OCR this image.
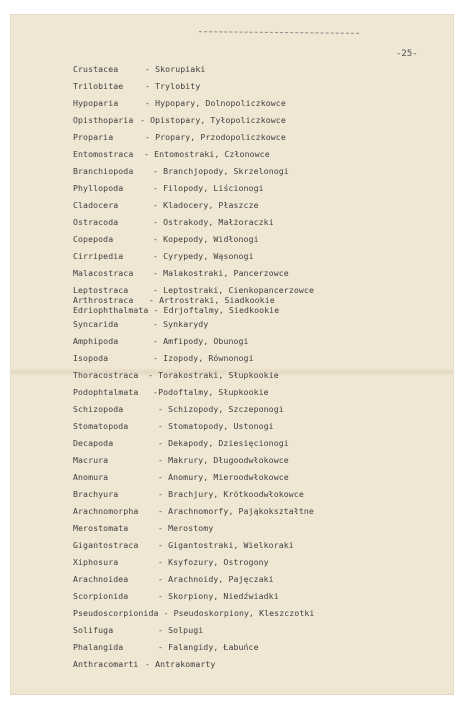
-25-
Crustacea	- Skorupiaki
Trilobitae - Trylobity
Hypoparia	- Hypopary, Dolnopoliczkowce
Opisthoparia - Opistopary, Tyłopoliczkowce
Proparia	- Propary, Przodopoliczkowce
Entomostraca - Entomostraki, Członowce
Branchiopoda - Branchjopody, Skrzelonogi
Phyllopoda	- Filopody, Liścionogi
Cladocera	- Kladocery, Płaszcze
Ostracoda	- Ostrakody, Małżoraczki
Copepoda	- Kopepody, Widłonogi
Cirripedia	- Cyrypedy, Wąsonogi
Malacostraca - Malakostraki, Pancerzowce
Leptostraca - Leptostraki, Cienkopancerzowce
Arthrostraca - Artrostraki, Siadkookie
Edriophthalmata - Edrjoftalmy, Siedkookie
Syncarida	- Synkarydy
Amphipoda	- Amfipody, Obunogi
Isopoda	- Izopody, Równonogi
Thoracostraca - Torakostraki, Słupkookie
Podophtalmata -Podoftalmy, Słupkookie
Schizopoda	- Schizopody, Szczeponogi
Stomatopoda	- Stomatopody, Ustonogi
Decapoda	- Dekapody, Dziesięcionogi
Macrura	- Makrury, Długoodwłokowce
Anomura	- Anomury, Mieroodwłokowce
Brachyura	- Brachjury, Krótkoodwłokowce
Arachnomorpha - Arachnomorfy, Pająkokształtne
Merostomata	- Merostomy
Gigantostraca - Gigantostraki, Wielkoraki
Xiphosura	- Ksyfozury, Ostrogony
Arachnoidea	- Arachnoidy, Pajęczaki
Scorpionida	- Skorpiony, Niedźwiadki
Pseudoscorpionida - Pseudoskorpiony, Kleszczotki
Solifuga	- Solpugi
Phalangida	- Falangidy, Łabuńce
Anthracomarti - Antrakomarty
